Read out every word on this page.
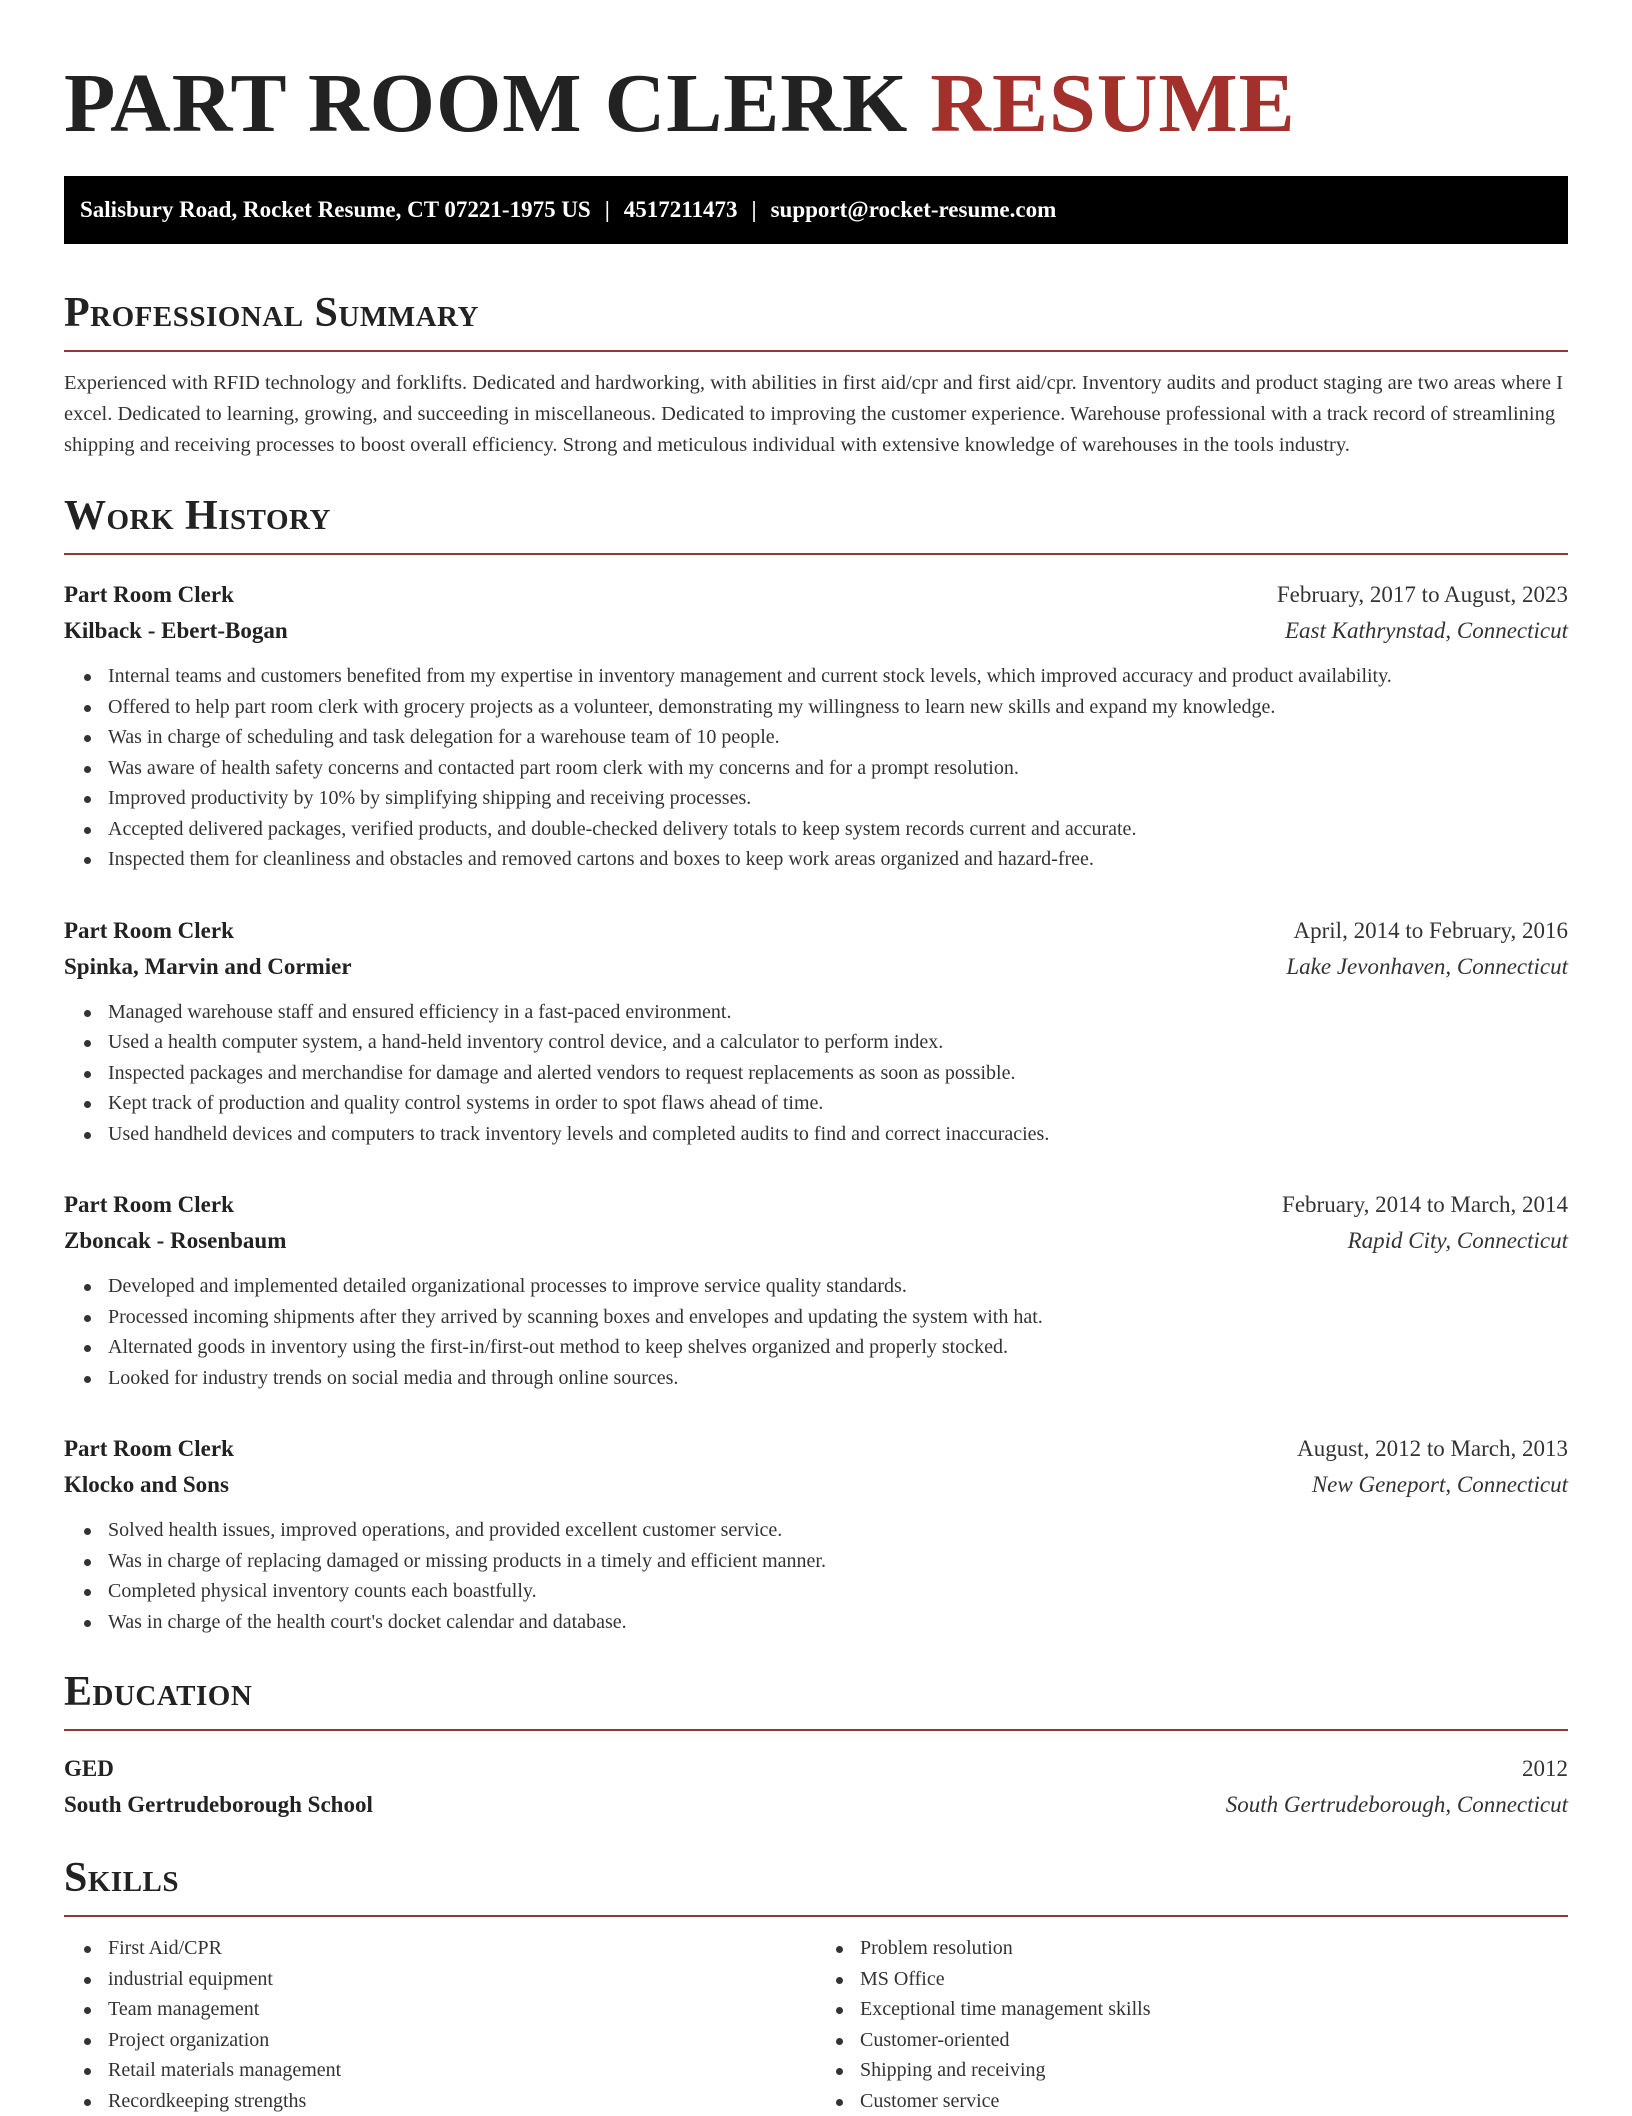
PART ROOM CLERK RESUME
Salisbury Road, Rocket Resume, CT 07221-1975 US | 4517211473 | support@rocket-resume.com
Professional Summary

Experienced with RFID technology and forklifts. Dedicated and hardworking, with abilities in first aid/cpr and first aid/cpr. Inventory audits and product staging are two areas where I excel. Dedicated to learning, growing, and succeeding in miscellaneous. Dedicated to improving the customer experience. Warehouse professional with a track record of streamlining shipping and receiving processes to boost overall efficiency. Strong and meticulous individual with extensive knowledge of warehouses in the tools industry.

Work History
Part Room Clerk	February, 2017 to August, 2023
Kilback - Ebert-Bogan	East Kathrynstad, Connecticut
Internal teams and customers benefited from my expertise in inventory management and current stock levels, which improved accuracy and product availability.
Offered to help part room clerk with grocery projects as a volunteer, demonstrating my willingness to learn new skills and expand my knowledge.
Was in charge of scheduling and task delegation for a warehouse team of 10 people.
Was aware of health safety concerns and contacted part room clerk with my concerns and for a prompt resolution.
Improved productivity by 10% by simplifying shipping and receiving processes.
Accepted delivered packages, verified products, and double-checked delivery totals to keep system records current and accurate.
Inspected them for cleanliness and obstacles and removed cartons and boxes to keep work areas organized and hazard-free.
Part Room Clerk	April, 2014 to February, 2016
Spinka, Marvin and Cormier	Lake Jevonhaven, Connecticut
Managed warehouse staff and ensured efficiency in a fast-paced environment.
Used a health computer system, a hand-held inventory control device, and a calculator to perform index.
Inspected packages and merchandise for damage and alerted vendors to request replacements as soon as possible.
Kept track of production and quality control systems in order to spot flaws ahead of time.
Used handheld devices and computers to track inventory levels and completed audits to find and correct inaccuracies.
Part Room Clerk	February, 2014 to March, 2014
Zboncak - Rosenbaum	Rapid City, Connecticut
Developed and implemented detailed organizational processes to improve service quality standards.
Processed incoming shipments after they arrived by scanning boxes and envelopes and updating the system with hat.
Alternated goods in inventory using the first-in/first-out method to keep shelves organized and properly stocked.
Looked for industry trends on social media and through online sources.
Part Room Clerk	August, 2012 to March, 2013
Klocko and Sons	New Geneport, Connecticut
Solved health issues, improved operations, and provided excellent customer service.
Was in charge of replacing damaged or missing products in a timely and efficient manner.
Completed physical inventory counts each boastfully.
Was in charge of the health court's docket calendar and database.
Education
GED	2012
South Gertrudeborough School	South Gertrudeborough, Connecticut
Skills
First Aid/CPR
industrial equipment
Team management
Project organization
Retail materials management
Recordkeeping strengths
Problem resolution
MS Office
Exceptional time management skills
Customer-oriented
Shipping and receiving
Customer service
